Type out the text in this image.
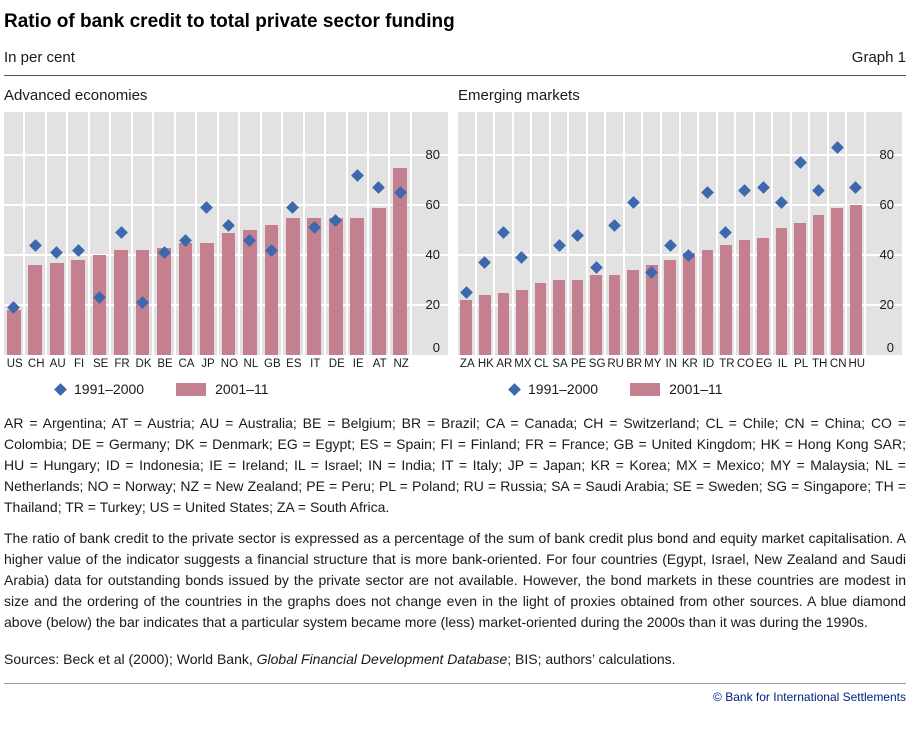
Ratio of bank credit to total private sector funding
In per cent	Graph 1
Advanced economies
0
20
40
60
80
US CH AU FI SE FR DK BE CA JP NO NL GB ES IT DE IE AT NZ
1991–2000	2001–11
Emerging markets
0
20
40
60
80
ZA HK AR MX CL SA PE SG RU BR MY IN KR ID TR CO EG IL PL TH CN HU
1991–2000	2001–11

AR = Argentina; AT = Austria; AU = Australia; BE = Belgium; BR = Brazil; CA = Canada; CH = Switzerland; CL = Chile; CN = China; CO = Colombia; DE = Germany; DK = Denmark; EG = Egypt; ES = Spain; FI = Finland; FR = France; GB = United Kingdom; HK = Hong Kong SAR; HU = Hungary; ID = Indonesia; IE = Ireland; IL = Israel; IN = India; IT = Italy; JP = Japan; KR = Korea; MX = Mexico; MY = Malaysia; NL = Netherlands; NO = Norway; NZ = New Zealand; PE = Peru; PL = Poland; RU = Russia; SA = Saudi Arabia; SE = Sweden; SG = Singapore; TH = Thailand; TR = Turkey; US = United States; ZA = South Africa.

The ratio of bank credit to the private sector is expressed as a percentage of the sum of bank credit plus bond and equity market capitalisation. A higher value of the indicator suggests a financial structure that is more bank-oriented. For four countries (Egypt, Israel, New Zealand and Saudi Arabia) data for outstanding bonds issued by the private sector are not available. However, the bond markets in these countries are modest in size and the ordering of the countries in the graphs does not change even in the light of proxies obtained from other sources. A blue diamond above (below) the bar indicates that a particular system became more (less) market-oriented during the 2000s than it was during the 1990s.

Sources: Beck et al (2000); World Bank, Global Financial Development Database; BIS; authors’ calculations.

© Bank for International Settlements
